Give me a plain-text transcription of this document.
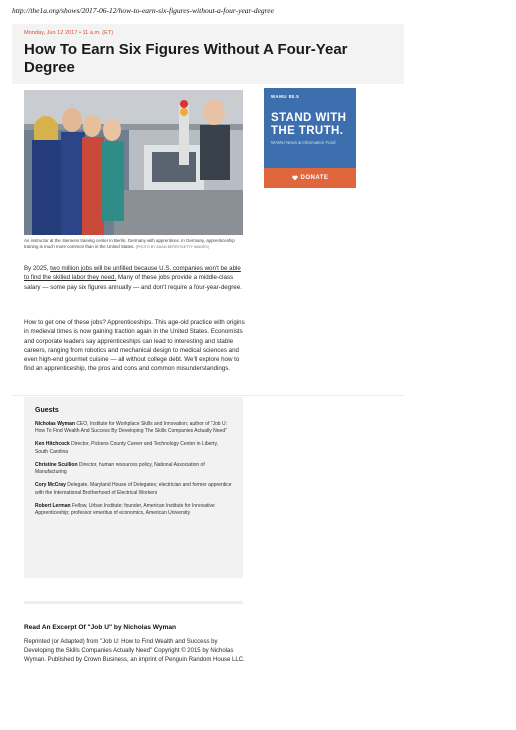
http://the1a.org/shows/2017-06-12/how-to-earn-six-figures-without-a-four-year-degree
Monday, Jun 12 2017 • 11 a.m. (ET)
How To Earn Six Figures Without A Four-Year Degree
An instructor at the Siemens training center in Berlin, Germany with apprentices. In Germany, apprenticeship training is much more common than in the United States. (PHOTO BY ADAM BERRY/GETTY IMAGES)
WAMU 88.5
STAND WITH THE TRUTH.
WAMU News & Information Fund
DONATE

By 2025, two million jobs will be unfilled because U.S. companies won't be able to find the skilled labor they need. Many of these jobs provide a middle-class salary — some pay six figures annually — and don't require a four-year-degree.

How to get one of these jobs? Apprenticeships. This age-old practice with origins in medieval times is now gaining traction again in the United States. Economists and corporate leaders say apprenticeships can lead to interesting and stable careers, ranging from robotics and mechanical design to medical sciences and even high-end gourmet cuisine — all without college debt. We'll explore how to find an apprenticeship, the pros and cons and common misunderstandings.

Guests
Nicholas Wyman CEO, Institute for Workplace Skills and Innovation; author of "Job U: How To Find Wealth And Success By Developing The Skills Companies Actually Need"
Ken Hitchcock Director, Pickens County Career and Technology Center in Liberty, South Carolina
Christine Scullion Director, human resources policy, National Association of Manufacturing
Cory McCray Delegate, Maryland House of Delegates; electrician and former apprentice with the International Brotherhood of Electrical Workers
Robert Lerman Fellow, Urban Institute; founder, American Institute for Innovative Apprenticeship; professor emeritus of economics, American University
Read An Excerpt Of "Job U" by Nicholas Wyman

Reprinted (or Adapted) from "Job U: How to Find Wealth and Success by Developing the Skills Companies Actually Need" Copyright © 2015 by Nicholas Wyman. Published by Crown Business, an imprint of Penguin Random House LLC.
